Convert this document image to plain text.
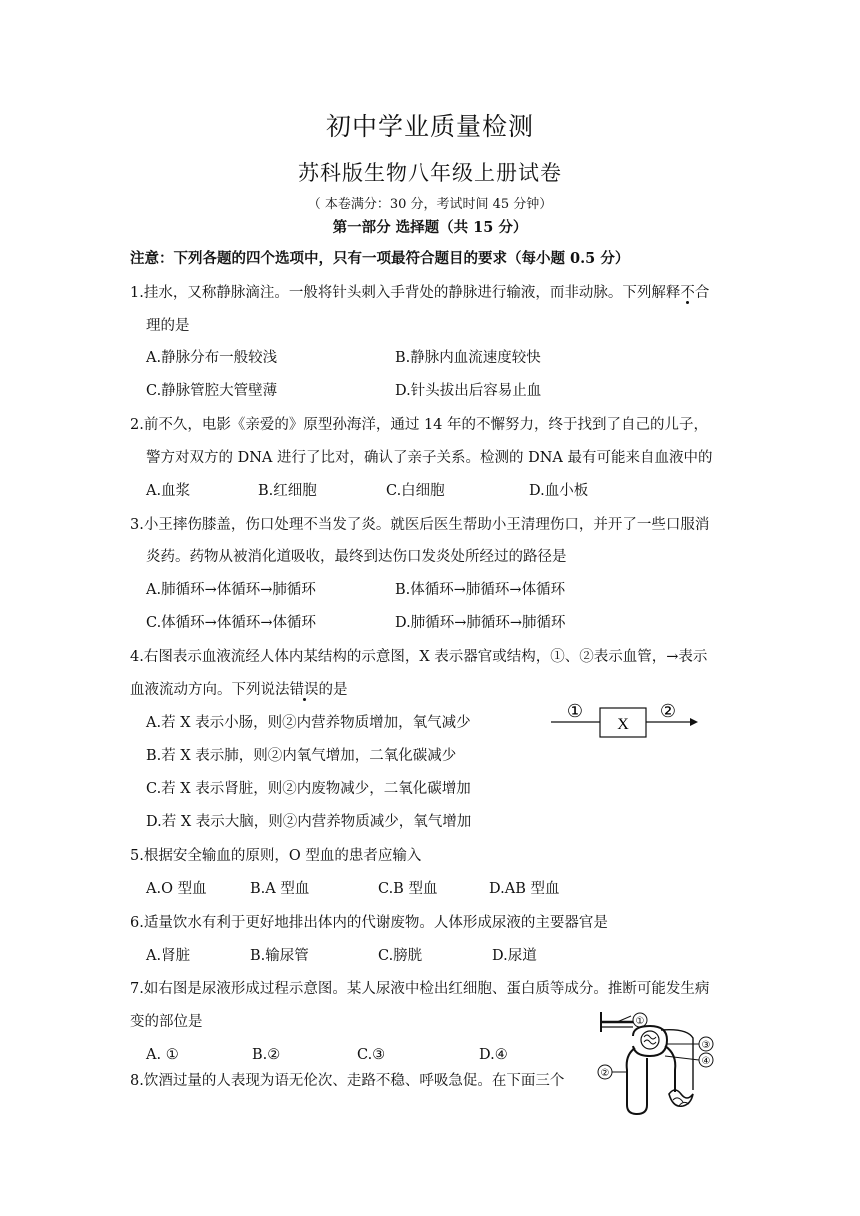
初中学业质量检测
苏科版生物八年级上册试卷
（ 本卷满分：30 分，考试时间 45 分钟）
第一部分 选择题（共 15 分）
注意：下列各题的四个选项中，只有一项最符合题目的要求（每小题 0.5 分）
1.挂水，又称静脉滴注。一般将针头刺入手背处的静脉进行输液，而非动脉。下列解释不合
理的是
A.静脉分布一般较浅	B.静脉内血流速度较快
C.静脉管腔大管壁薄	D.针头拔出后容易止血
2.前不久，电影《亲爱的》原型孙海洋，通过 14 年的不懈努力，终于找到了自己的儿子，
警方对双方的 DNA 进行了比对，确认了亲子关系。检测的 DNA 最有可能来自血液中的
A.血浆	B.红细胞	C.白细胞	D.血小板
3.小王摔伤膝盖，伤口处理不当发了炎。就医后医生帮助小王清理伤口，并开了一些口服消
炎药。药物从被消化道吸收，最终到达伤口发炎处所经过的路径是
A.肺循环→体循环→肺循环	B.体循环→肺循环→体循环
C.体循环→体循环→体循环	D.肺循环→肺循环→肺循环
4.右图表示血液流经人体内某结构的示意图，X 表示器官或结构，①、②表示血管，→表示
血液流动方向。下列说法错误的是
A.若 X 表示小肠，则②内营养物质增加，氧气减少
B.若 X 表示肺，则②内氧气增加，二氧化碳减少
C.若 X 表示肾脏，则②内废物减少，二氧化碳增加
D.若 X 表示大脑，则②内营养物质减少，氧气增加
①
X
②
5.根据安全输血的原则，O 型血的患者应输入
A.O 型血	B.A 型血	C.B 型血	D.AB 型血
6.适量饮水有利于更好地排出体内的代谢废物。人体形成尿液的主要器官是
A.肾脏	B.输尿管	C.膀胱	D.尿道
7.如右图是尿液形成过程示意图。某人尿液中检出红细胞、蛋白质等成分。推断可能发生病
变的部位是
A. ①	B.②	C.③	D.④
①
③
④
②
8.饮酒过量的人表现为语无伦次、走路不稳、呼吸急促。在下面三个
